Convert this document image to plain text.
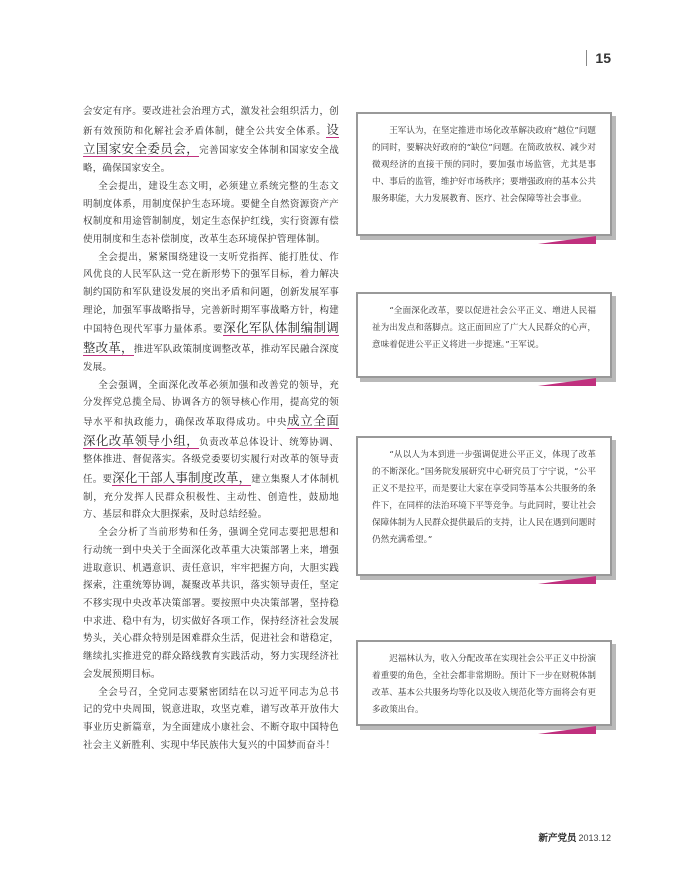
15

会安定有序。要改进社会治理方式，激发社会组织活力，创新有效预防和化解社会矛盾体制，健全公共安全体系。设立国家安全委员会，完善国家安全体制和国家安全战略，确保国家安全。

全会提出，建设生态文明，必须建立系统完整的生态文明制度体系，用制度保护生态环境。要健全自然资源资产产权制度和用途管制制度，划定生态保护红线，实行资源有偿使用制度和生态补偿制度，改革生态环境保护管理体制。

全会提出，紧紧围绕建设一支听党指挥、能打胜仗、作风优良的人民军队这一党在新形势下的强军目标，着力解决制约国防和军队建设发展的突出矛盾和问题，创新发展军事理论，加强军事战略指导，完善新时期军事战略方针，构建中国特色现代军事力量体系。要深化军队体制编制调整改革，推进军队政策制度调整改革，推动军民融合深度发展。

全会强调，全面深化改革必须加强和改善党的领导，充分发挥党总揽全局、协调各方的领导核心作用，提高党的领导水平和执政能力，确保改革取得成功。中央成立全面深化改革领导小组，负责改革总体设计、统筹协调、整体推进、督促落实。各级党委要切实履行对改革的领导责任。要深化干部人事制度改革，建立集聚人才体制机制，充分发挥人民群众积极性、主动性、创造性，鼓励地方、基层和群众大胆探索，及时总结经验。

全会分析了当前形势和任务，强调全党同志要把思想和行动统一到中央关于全面深化改革重大决策部署上来，增强进取意识、机遇意识、责任意识，牢牢把握方向，大胆实践探索，注重统筹协调，凝聚改革共识，落实领导责任，坚定不移实现中央改革决策部署。要按照中央决策部署，坚持稳中求进、稳中有为，切实做好各项工作，保持经济社会发展势头，关心群众特别是困难群众生活，促进社会和谐稳定，继续扎实推进党的群众路线教育实践活动，努力实现经济社会发展预期目标。

全会号召，全党同志要紧密团结在以习近平同志为总书记的党中央周围，锐意进取，攻坚克难，谱写改革开放伟大事业历史新篇章，为全面建成小康社会、不断夺取中国特色社会主义新胜利、实现中华民族伟大复兴的中国梦而奋斗！

王军认为，在坚定推进市场化改革解决政府“越位”问题的同时，要解决好政府的“缺位”问题。在简政放权、减少对微观经济的直接干预的同时，要加强市场监管，尤其是事中、事后的监管，维护好市场秩序；要增强政府的基本公共服务职能，大力发展教育、医疗、社会保障等社会事业。

“全面深化改革，要以促进社会公平正义、增进人民福祉为出发点和落脚点。这正面回应了广大人民群众的心声，意味着促进公平正义将进一步提速。”王军说。

“从以人为本到进一步强调促进公平正义，体现了改革的不断深化。”国务院发展研究中心研究员丁宁宁说，“公平正义不是拉平，而是要让大家在享受同等基本公共服务的条件下，在同样的法治环境下平等竞争。与此同时，要让社会保障体制为人民群众提供最后的支持，让人民在遇到问题时仍然充满希望。”

迟福林认为，收入分配改革在实现社会公平正义中扮演着重要的角色，全社会都非常期盼。预计下一步在财税体制改革、基本公共服务均等化以及收入规范化等方面将会有更多政策出台。

新产党员 2013.12
